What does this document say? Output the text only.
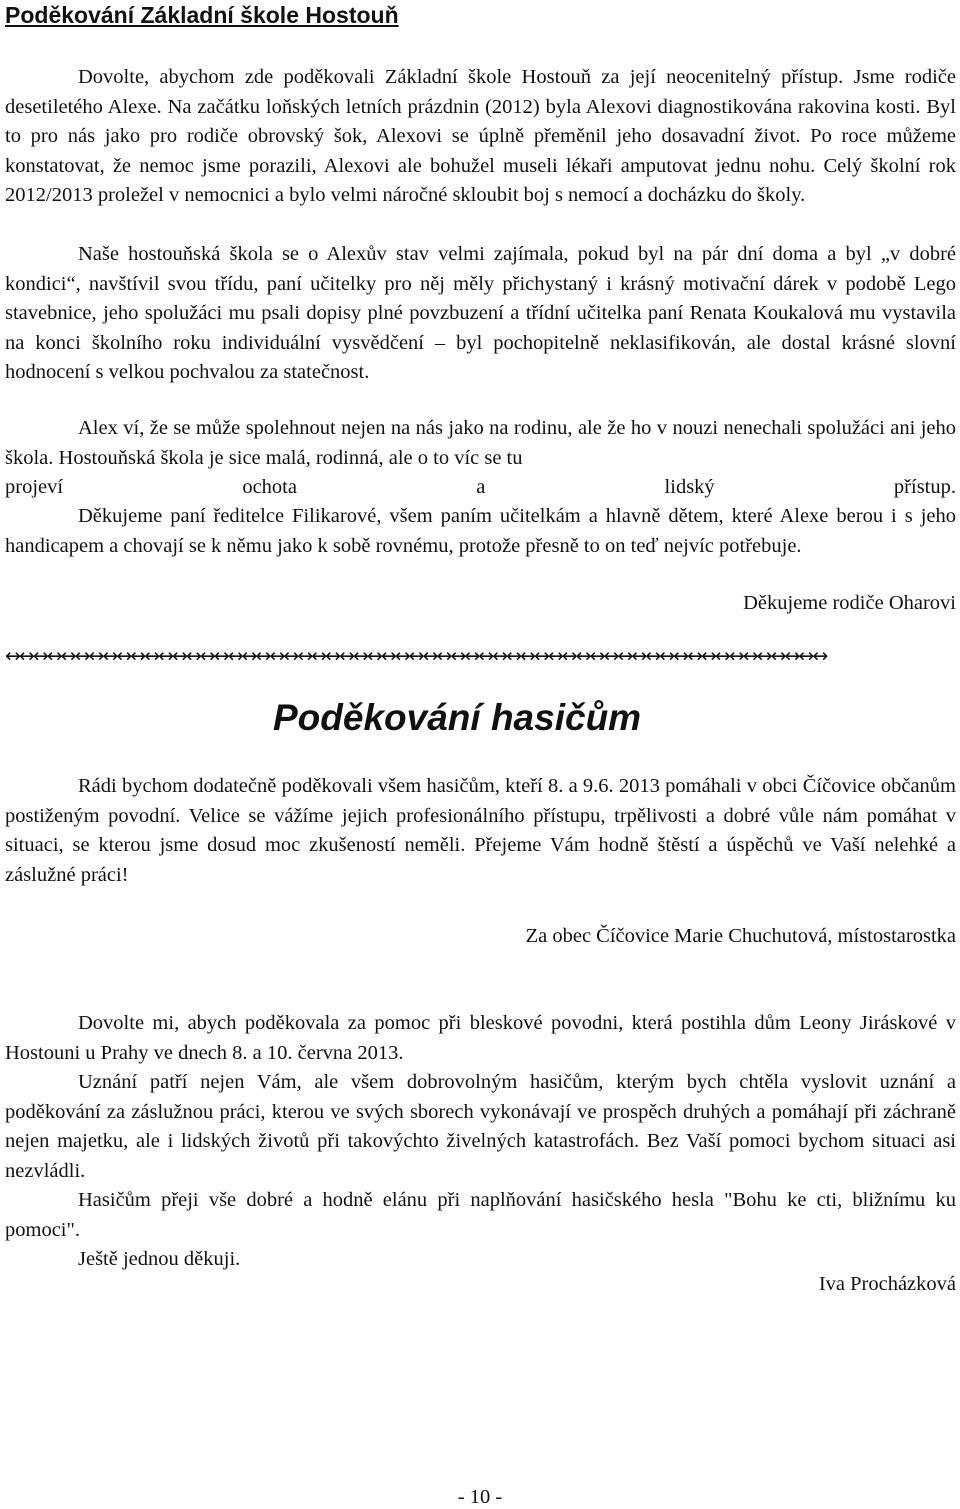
Poděkování Základní škole Hostouň

Dovolte, abychom zde poděkovali Základní škole Hostouň za její neocenitelný přístup. Jsme rodiče desetiletého Alexe. Na začátku loňských letních prázdnin (2012) byla Alexovi diagnostikována rakovina kosti. Byl to pro nás jako pro rodiče obrovský šok, Alexovi se úplně přeměnil jeho dosavadní život. Po roce můžeme konstatovat, že nemoc jsme porazili, Alexovi ale bohužel museli lékaři amputovat jednu nohu. Celý školní rok 2012/2013 proležel v nemocnici a bylo velmi náročné skloubit boj s nemocí a docházku do školy.

Naše hostouňská škola se o Alexův stav velmi zajímala, pokud byl na pár dní doma a byl „v dobré kondici“, navštívil svou třídu, paní učitelky pro něj měly přichystaný i krásný motivační dárek v podobě Lego stavebnice, jeho spolužáci mu psali dopisy plné povzbuzení a třídní učitelka paní Renata Koukalová mu vystavila na konci školního roku individuální vysvědčení – byl pochopitelně neklasifikován, ale dostal krásné slovní hodnocení s velkou pochvalou za statečnost.

Alex ví, že se může spolehnout nejen na nás jako na rodinu, ale že ho v nouzi nenechali spolužáci ani jeho škola. Hostouňská škola je sice malá, rodinná, ale o to víc se tu

projeví ochota a lidský přístup.

Děkujeme paní ředitelce Filikarové, všem paním učitelkám a hlavně dětem, které Alexe berou i s jeho handicapem a chovají se k němu jako k sobě rovnému, protože přesně to on teď nejvíc potřebuje.

Děkujeme rodiče Oharovi

↔↔↔↔↔↔↔↔↔↔↔↔↔↔↔↔↔↔↔↔↔↔↔↔↔↔↔↔↔↔↔↔↔↔↔↔↔↔↔↔↔↔↔↔↔↔↔↔↔↔↔↔↔↔↔↔↔↔↔
Poděkování hasičům

Rádi bychom dodatečně poděkovali všem hasičům, kteří 8. a 9.6. 2013 pomáhali v obci Číčovice občanům postiženým povodní. Velice se vážíme jejich profesionálního přístupu, trpělivosti a dobré vůle nám pomáhat v situaci, se kterou jsme dosud moc zkušeností neměli. Přejeme Vám hodně štěstí a úspěchů ve Vaší nelehké a záslužné práci!

Za obec Číčovice Marie Chuchutová, místostarostka

Dovolte mi, abych poděkovala za pomoc při bleskové povodni, která postihla dům Leony Jiráskové v Hostouni u Prahy ve dnech 8. a 10. června 2013.

Uznání patří nejen Vám, ale všem dobrovolným hasičům, kterým bych chtěla vyslovit uznání a poděkování za záslužnou práci, kterou ve svých sborech vykonávají ve prospěch druhých a pomáhají při záchraně nejen majetku, ale i lidských životů při takovýchto živelných katastrofách. Bez Vaší pomoci bychom situaci asi nezvládli.

Hasičům přeji vše dobré a hodně elánu při naplňování hasičského hesla "Bohu ke cti, bližnímu ku pomoci".

Ještě jednou děkuji.

Iva Procházková

- 10 -
